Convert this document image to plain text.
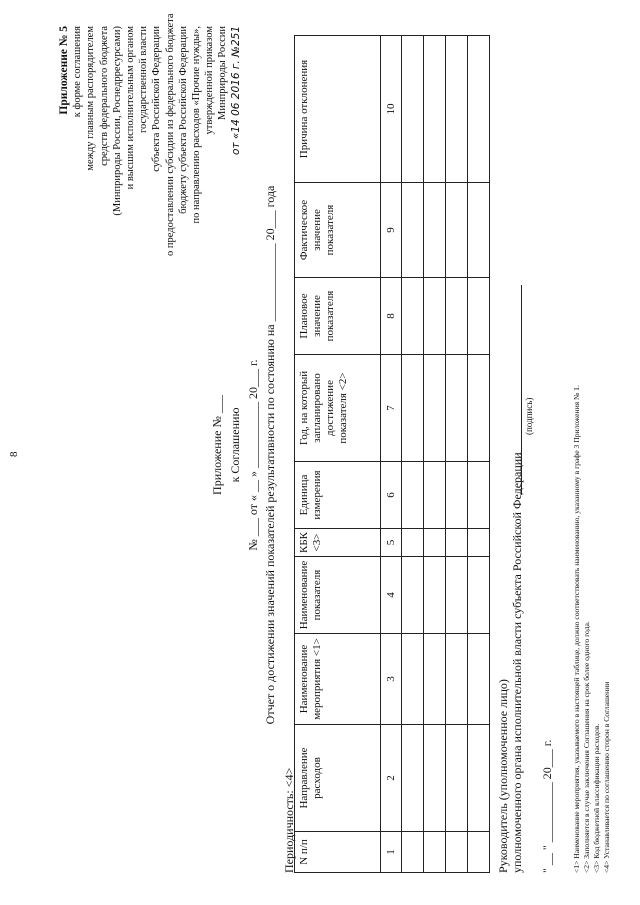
8
Приложение № 5 к форме соглашения между главным распорядителем средств федерального бюджета (Минприроды России, Роснедрресурсами) и высшим исполнительным органом государственной власти субъекта Российской Федерации о предоставлении субсидии из федерального бюджета бюджету субъекта Российской Федерации по направлению расходов «Прочие нужды», утвержденной приказом Минприроды России от «14 06 2016 г. №251
Приложение № ___ к Соглашению № ___ от « __ » ___________ 20___ г. Отчет о достижении значений показателей результативности по состоянию на _____________ 20___ года
Периодичность: <4> N п/п	Направление расходов	Наименование мероприятия <1>	Наименование показателя	КБК <3>	Единица измерения	Год, на который запланировано достижение показателя <2>	Плановое значение показателя	Фактическое значение показателя	Причина отклонения
1	2	3	4	5	6	7	8	9	10

Руководитель (уполномоченное лицо) уполномоченного органа исполнительной власти субъекта Российской Федерации
(подпись)
" __ " __________ 20___ г. <1> Наименование мероприятия, указываемого в настоящей таблице, должно соответствовать наименованию, указанному в графе 3 Приложения № 1. <2> Заполняется в случае заключения Соглашения на срок более одного года. <3> Код бюджетной классификации расходов. <4> Устанавливается по соглашению сторон в Соглашении
